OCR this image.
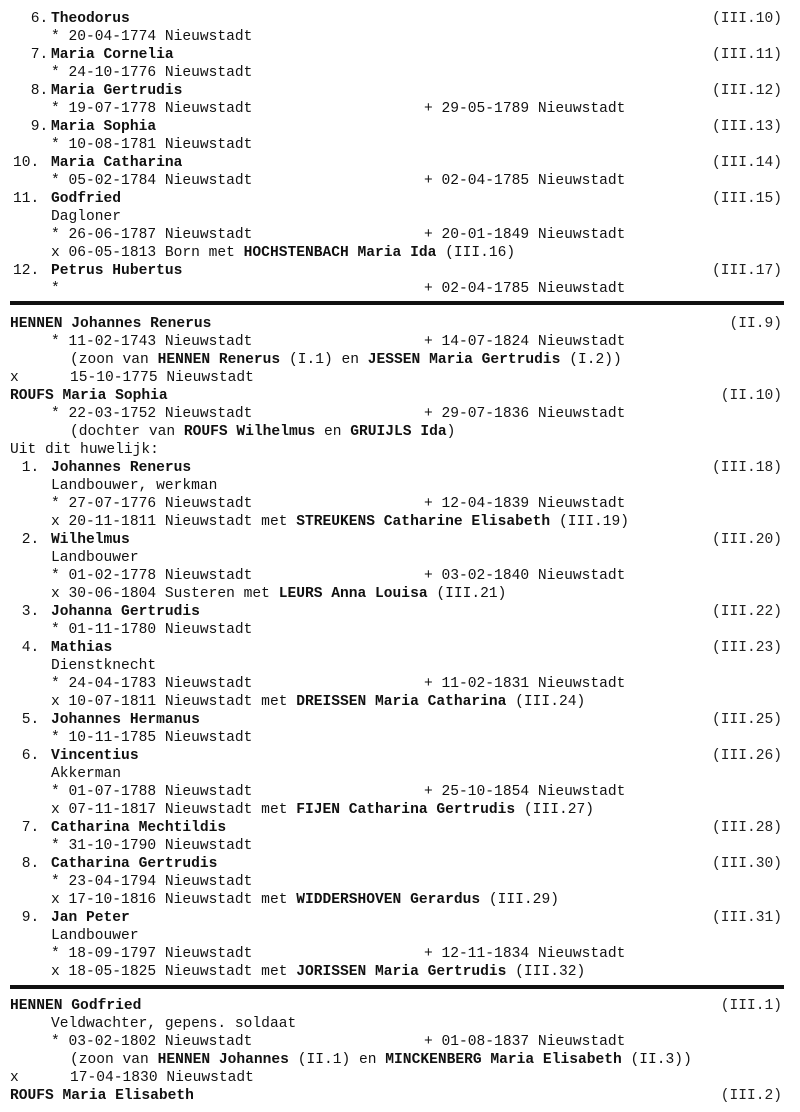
6. Theodorus	(III.10)
* 20-04-1774 Nieuwstadt
7. Maria Cornelia	(III.11)
* 24-10-1776 Nieuwstadt
8. Maria Gertrudis	(III.12)
* 19-07-1778 Nieuwstadt	+ 29-05-1789 Nieuwstadt
9. Maria Sophia	(III.13)
* 10-08-1781 Nieuwstadt
10. Maria Catharina	(III.14)
* 05-02-1784 Nieuwstadt	+ 02-04-1785 Nieuwstadt
11. Godfried	(III.15)
Dagloner
* 26-06-1787 Nieuwstadt	+ 20-01-1849 Nieuwstadt
x 06-05-1813 Born met HOCHSTENBACH Maria Ida (III.16)
12. Petrus Hubertus	(III.17)
*	+ 02-04-1785 Nieuwstadt
HENNEN Johannes Renerus	(II.9)
* 11-02-1743 Nieuwstadt	+ 14-07-1824 Nieuwstadt
(zoon van HENNEN Renerus (I.1) en JESSEN Maria Gertrudis (I.2))
x	15-10-1775 Nieuwstadt
ROUFS Maria Sophia	(II.10)
* 22-03-1752 Nieuwstadt	+ 29-07-1836 Nieuwstadt
(dochter van ROUFS Wilhelmus en GRUIJLS Ida)
Uit dit huwelijk:
1. Johannes Renerus	(III.18)
Landbouwer, werkman
* 27-07-1776 Nieuwstadt	+ 12-04-1839 Nieuwstadt
x 20-11-1811 Nieuwstadt met STREUKENS Catharine Elisabeth (III.19)
2. Wilhelmus	(III.20)
Landbouwer
* 01-02-1778 Nieuwstadt	+ 03-02-1840 Nieuwstadt
x 30-06-1804 Susteren met LEURS Anna Louisa (III.21)
3. Johanna Gertrudis	(III.22)
* 01-11-1780 Nieuwstadt
4. Mathias	(III.23)
Dienstknecht
* 24-04-1783 Nieuwstadt	+ 11-02-1831 Nieuwstadt
x 10-07-1811 Nieuwstadt met DREISSEN Maria Catharina (III.24)
5. Johannes Hermanus	(III.25)
* 10-11-1785 Nieuwstadt
6. Vincentius	(III.26)
Akkerman
* 01-07-1788 Nieuwstadt	+ 25-10-1854 Nieuwstadt
x 07-11-1817 Nieuwstadt met FIJEN Catharina Gertrudis (III.27)
7. Catharina Mechtildis	(III.28)
* 31-10-1790 Nieuwstadt
8. Catharina Gertrudis	(III.30)
* 23-04-1794 Nieuwstadt
x 17-10-1816 Nieuwstadt met WIDDERSHOVEN Gerardus (III.29)
9. Jan Peter	(III.31)
Landbouwer
* 18-09-1797 Nieuwstadt	+ 12-11-1834 Nieuwstadt
x 18-05-1825 Nieuwstadt met JORISSEN Maria Gertrudis (III.32)
HENNEN Godfried	(III.1)
Veldwachter, gepens. soldaat
* 03-02-1802 Nieuwstadt	+ 01-08-1837 Nieuwstadt
(zoon van HENNEN Johannes (II.1) en MINCKENBERG Maria Elisabeth (II.3))
x	17-04-1830 Nieuwstadt
ROUFS Maria Elisabeth	(III.2)
